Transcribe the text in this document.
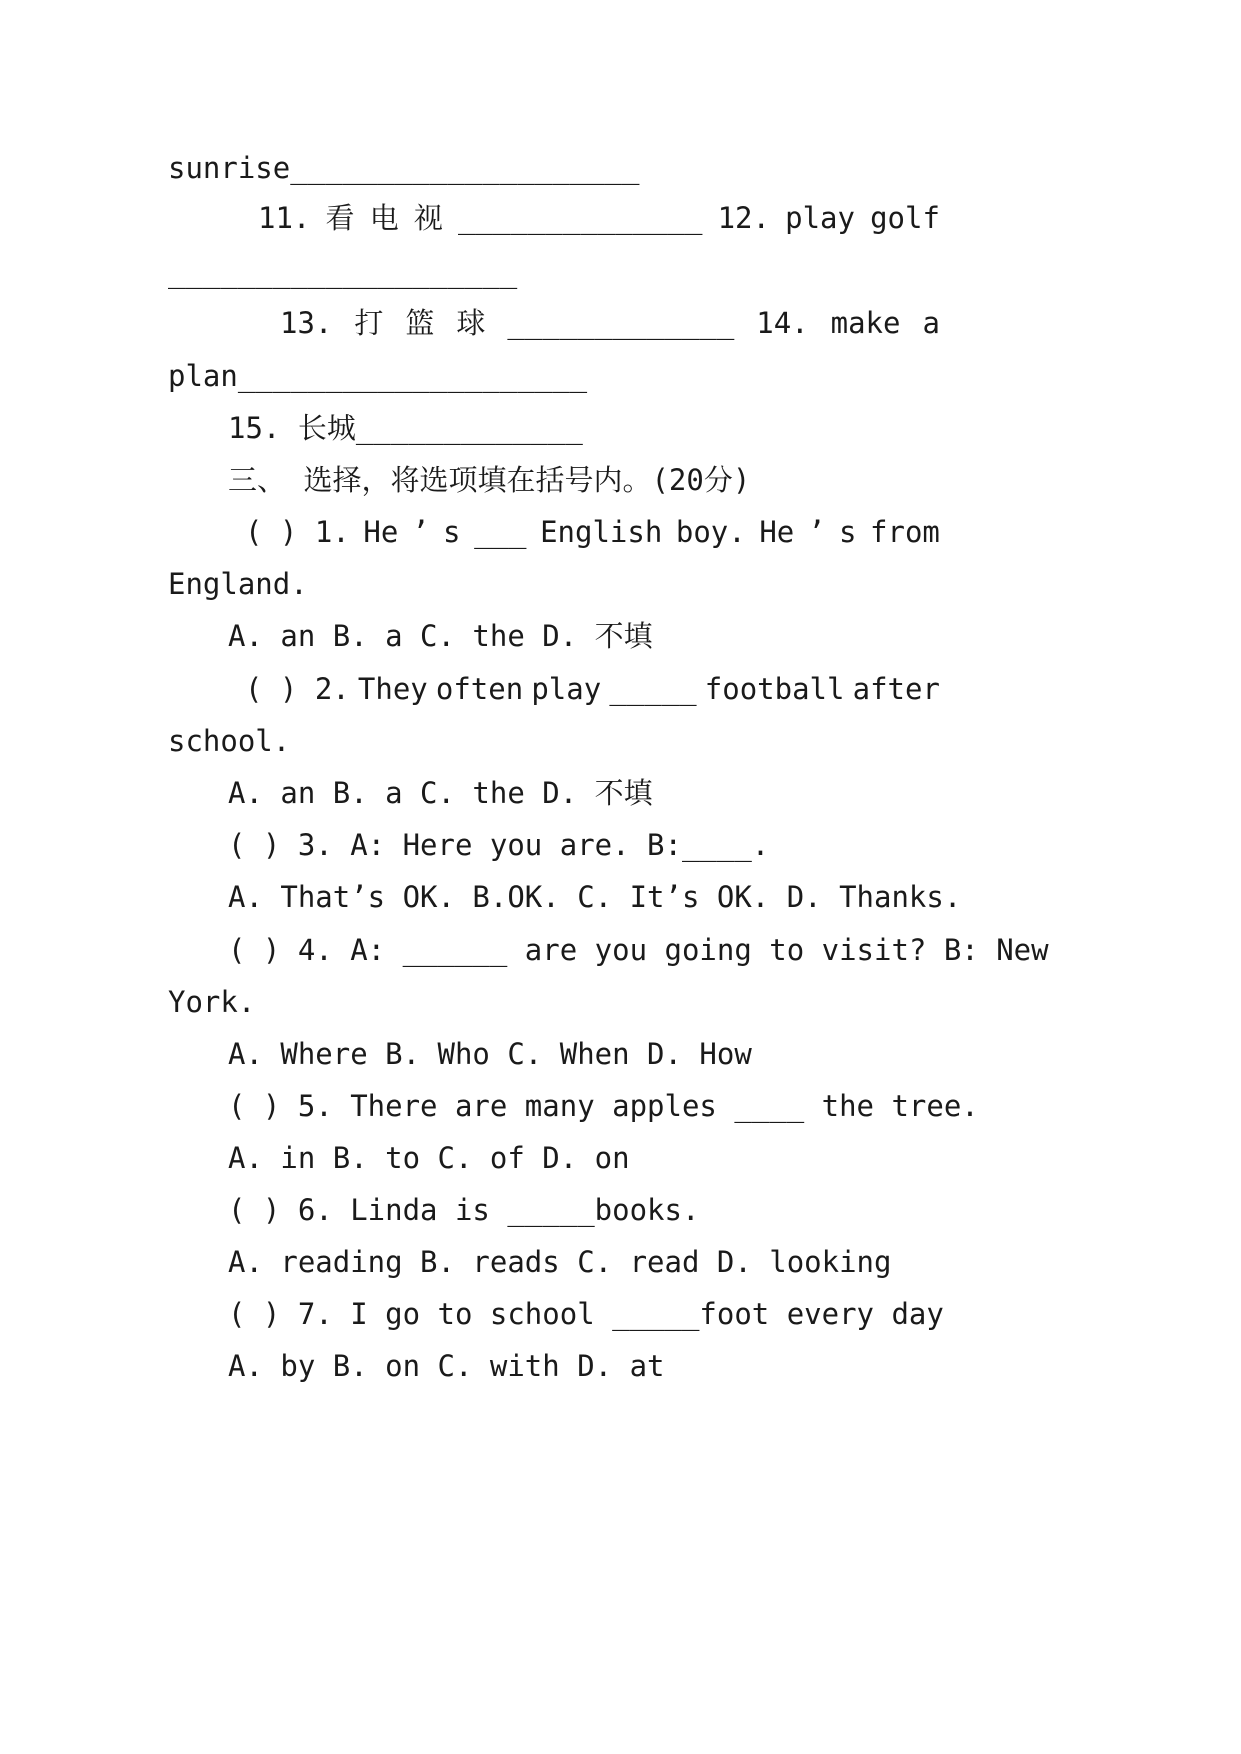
sunrise____________________
11. 看 电 视 ______________ 12. play golf
____________________
13. 打 篮 球 _____________ 14. make a
plan____________________
15. 长城_____________
三、 选择，将选项填在括号内。(20分)
( ) 1. He ’ s ___ English boy. He ’ s from
England.
A. an B. a C. the D. 不填
( ) 2. They often play _____ football after
school.
A. an B. a C. the D. 不填
( ) 3. A: Here you are. B:____.
A. That’s OK. B.OK. C. It’s OK. D. Thanks.
( ) 4. A: ______ are you going to visit? B: New
York.
A. Where B. Who C. When D. How
( ) 5. There are many apples ____ the tree.
A. in B. to C. of D. on
( ) 6. Linda is _____books.
A. reading B. reads C. read D. looking
( ) 7. I go to school _____foot every day
A. by B. on C. with D. at
